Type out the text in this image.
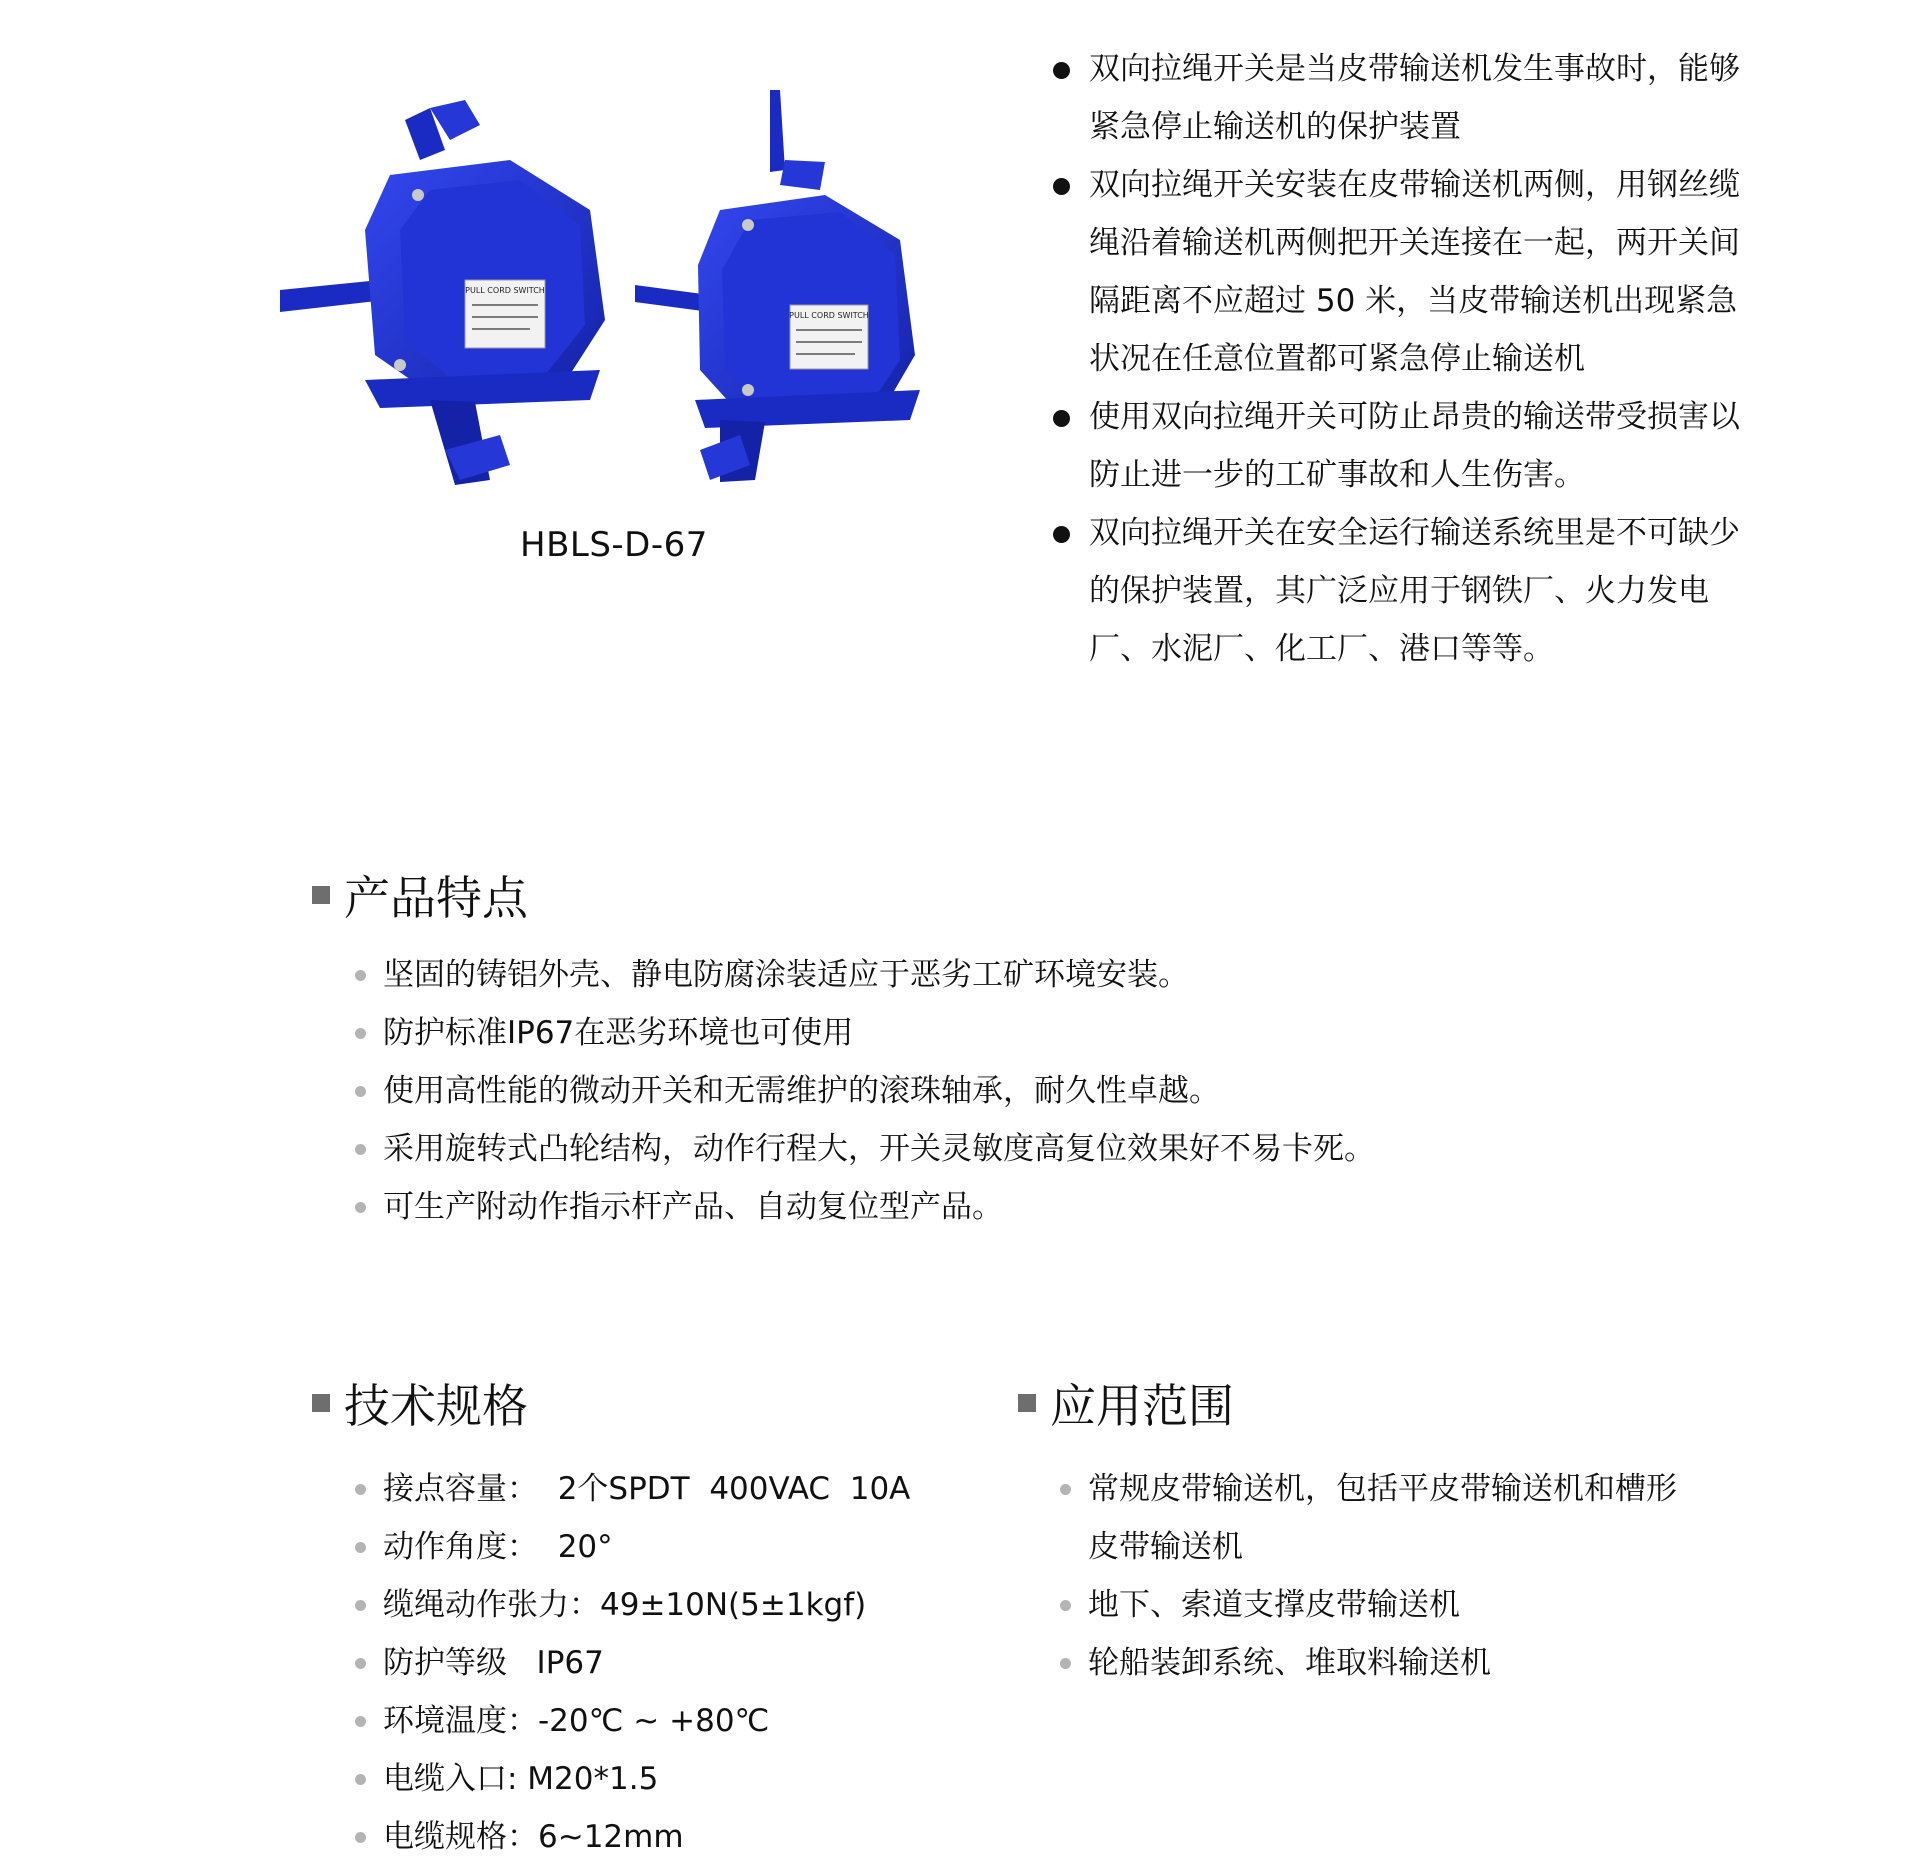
PULL CORD SWITCH
PULL CORD SWITCH
HBLS-D-67
双向拉绳开关是当皮带输送机发生事故时，能够紧急停止输送机的保护装置
双向拉绳开关安装在皮带输送机两侧，用钢丝缆绳沿着输送机两侧把开关连接在一起，两开关间隔距离不应超过 50 米，当皮带输送机出现紧急状况在任意位置都可紧急停止输送机
使用双向拉绳开关可防止昂贵的输送带受损害以防止进一步的工矿事故和人生伤害。
双向拉绳开关在安全运行输送系统里是不可缺少的保护装置，其广泛应用于钢铁厂、火力发电厂、水泥厂、化工厂、港口等等。
产品特点
坚固的铸铝外壳、静电防腐涂装适应于恶劣工矿环境安装。
防护标准IP67在恶劣环境也可使用
使用高性能的微动开关和无需维护的滚珠轴承，耐久性卓越。
采用旋转式凸轮结构，动作行程大，开关灵敏度高复位效果好不易卡死。
可生产附动作指示杆产品、自动复位型产品。
技术规格
接点容量：  2个SPDT  400VAC  10A
动作角度：  20°
缆绳动作张力：49±10N(5±1kgf)
防护等级   IP67
环境温度：-20℃ ~ +80℃
电缆入口: M20*1.5
电缆规格：6~12mm
应用范围
常规皮带输送机，包括平皮带输送机和槽形皮带输送机
地下、索道支撑皮带输送机
轮船装卸系统、堆取料输送机
